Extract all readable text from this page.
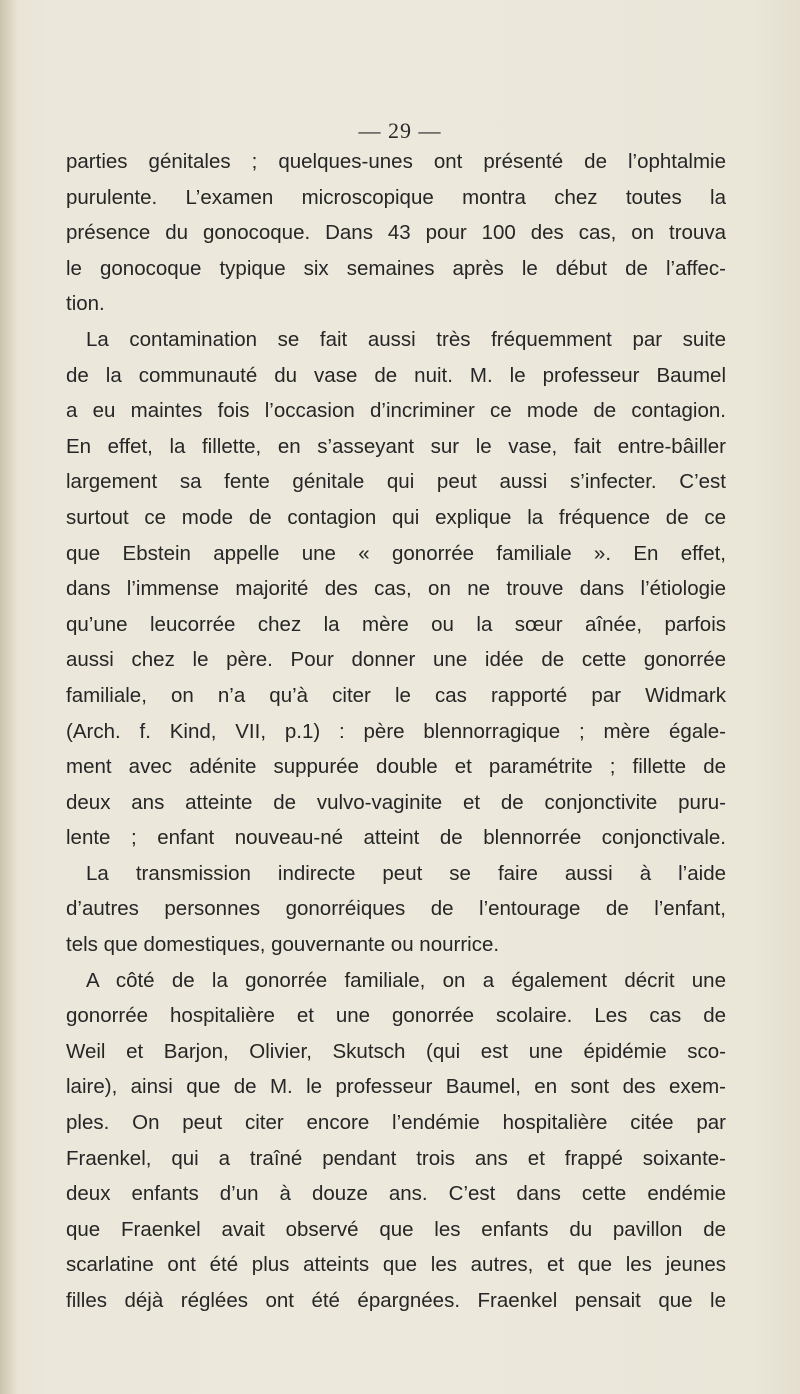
— 29 —
parties génitales ; quelques-unes ont présenté de l’ophtalmie
purulente. L’examen microscopique montra chez toutes la
présence du gonocoque. Dans 43 pour 100 des cas, on trouva
le gonocoque typique six semaines après le début de l’affec-
tion.
La contamination se fait aussi très fréquemment par suite
de la communauté du vase de nuit. M. le professeur Baumel
a eu maintes fois l’occasion d’incriminer ce mode de contagion.
En effet, la fillette, en s’asseyant sur le vase, fait entre-bâiller
largement sa fente génitale qui peut aussi s’infecter. C’est
surtout ce mode de contagion qui explique la fréquence de ce
que Ebstein appelle une « gonorrée familiale ». En effet,
dans l’immense majorité des cas, on ne trouve dans l’étiologie
qu’une leucorrée chez la mère ou la sœur aînée, parfois
aussi chez le père. Pour donner une idée de cette gonorrée
familiale, on n’a qu’à citer le cas rapporté par Widmark
(Arch. f. Kind, VII, p.1) : père blennorragique ; mère égale-
ment avec adénite suppurée double et paramétrite ; fillette de
deux ans atteinte de vulvo-vaginite et de conjonctivite puru-
lente ; enfant nouveau-né atteint de blennorrée conjonctivale.
La transmission indirecte peut se faire aussi à l’aide
d’autres personnes gonorréiques de l’entourage de l’enfant,
tels que domestiques, gouvernante ou nourrice.
A côté de la gonorrée familiale, on a également décrit une
gonorrée hospitalière et une gonorrée scolaire. Les cas de
Weil et Barjon, Olivier, Skutsch (qui est une épidémie sco-
laire), ainsi que de M. le professeur Baumel, en sont des exem-
ples. On peut citer encore l’endémie hospitalière citée par
Fraenkel, qui a traîné pendant trois ans et frappé soixante-
deux enfants d’un à douze ans. C’est dans cette endémie
que Fraenkel avait observé que les enfants du pavillon de
scarlatine ont été plus atteints que les autres, et que les jeunes
filles déjà réglées ont été épargnées. Fraenkel pensait que le
